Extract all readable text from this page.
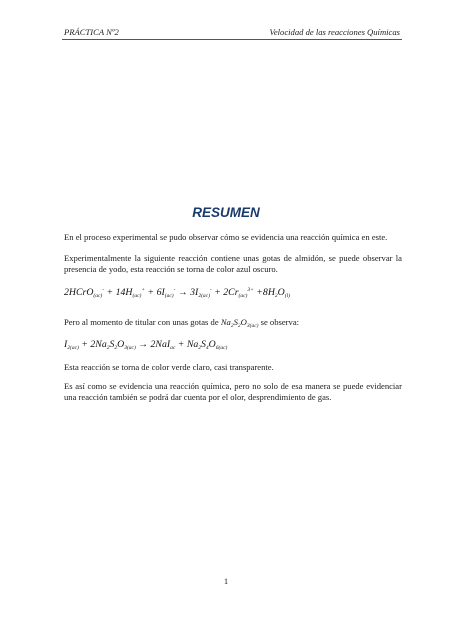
PRÁCTICA Nº2	Velocidad de las reacciones Químicas
RESUMEN
En el proceso experimental se pudo observar cómo se evidencia una reacción química en este.
Experimentalmente la siguiente reacción contiene unas gotas de almidón, se puede observar la presencia de yodo, esta reacción se torna de color azul oscuro.
2HCrO$_{(ac)}$- + $14H_{(ac)}^+ + 6I_{(ac)}^- \to 3I_{2(ac)}^- + 2Cr_{(ac)}^{3+} +8H_2O_{(l)}$
Pero al momento de titular con unas gotas de $Na_2S_2O_{3(ac)}$ se observa:
$I_{2(ac)} + 2Na_2S_2O_{3(ac)} \to 2NaI_{ac} + Na_2S_4O_{6(ac)}$
Esta reacción se torna de color verde claro, casi transparente.
Es así como se evidencia una reacción química, pero no solo de esa manera se puede evidenciar una reacción también se podrá dar cuenta por el olor, desprendimiento de gas.
1
